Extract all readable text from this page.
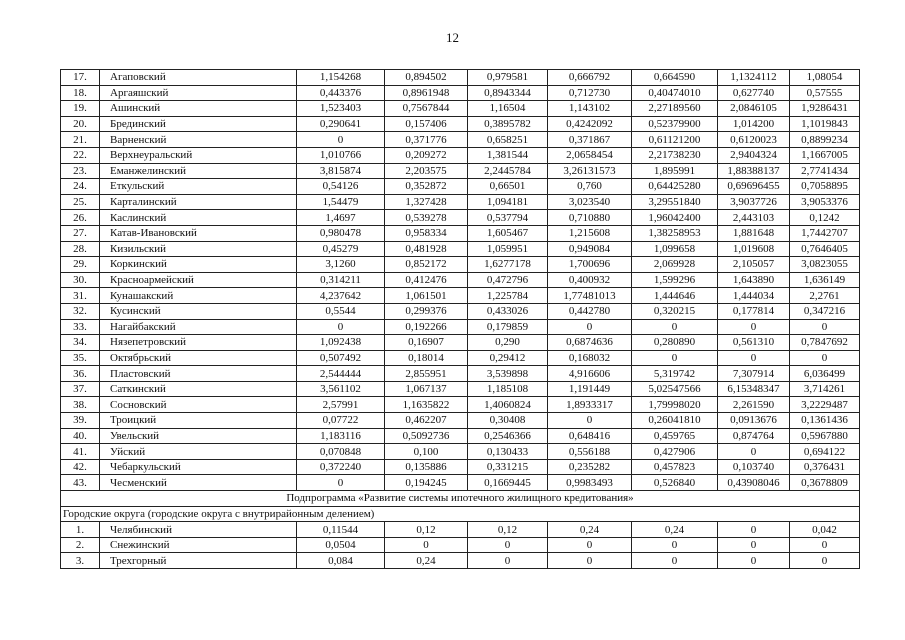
12
17.	Агаповский	1,154268	0,894502	0,979581	0,666792	0,664590	1,1324112	1,08054
18.	Аргаяшский	0,443376	0,8961948	0,8943344	0,712730	0,40474010	0,627740	0,57555
19.	Ашинский	1,523403	0,7567844	1,16504	1,143102	2,27189560	2,0846105	1,9286431
20.	Брединский	0,290641	0,157406	0,3895782	0,4242092	0,52379900	1,014200	1,1019843
21.	Варненский	0	0,371776	0,658251	0,371867	0,61121200	0,6120023	0,8899234
22.	Верхнеуральский	1,010766	0,209272	1,381544	2,0658454	2,21738230	2,9404324	1,1667005
23.	Еманжелинский	3,815874	2,203575	2,2445784	3,26131573	1,895991	1,88388137	2,7741434
24.	Еткульский	0,54126	0,352872	0,66501	0,760	0,64425280	0,69696455	0,7058895
25.	Карталинский	1,54479	1,327428	1,094181	3,023540	3,29551840	3,9037726	3,9053376
26.	Каслинский	1,4697	0,539278	0,537794	0,710880	1,96042400	2,443103	0,1242
27.	Катав-Ивановский	0,980478	0,958334	1,605467	1,215608	1,38258953	1,881648	1,7442707
28.	Кизильский	0,45279	0,481928	1,059951	0,949084	1,099658	1,019608	0,7646405
29.	Коркинский	3,1260	0,852172	1,6277178	1,700696	2,069928	2,105057	3,0823055
30.	Красноармейский	0,314211	0,412476	0,472796	0,400932	1,599296	1,643890	1,636149
31.	Кунашакский	4,237642	1,061501	1,225784	1,77481013	1,444646	1,444034	2,2761
32.	Кусинский	0,5544	0,299376	0,433026	0,442780	0,320215	0,177814	0,347216
33.	Нагайбакский	0	0,192266	0,179859	0	0	0	0
34.	Нязепетровский	1,092438	0,16907	0,290	0,6874636	0,280890	0,561310	0,7847692
35.	Октябрьский	0,507492	0,18014	0,29412	0,168032	0	0	0
36.	Пластовский	2,544444	2,855951	3,539898	4,916606	5,319742	7,307914	6,036499
37.	Саткинский	3,561102	1,067137	1,185108	1,191449	5,02547566	6,15348347	3,714261
38.	Сосновский	2,57991	1,1635822	1,4060824	1,8933317	1,79998020	2,261590	3,2229487
39.	Троицкий	0,07722	0,462207	0,30408	0	0,26041810	0,0913676	0,1361436
40.	Увельский	1,183116	0,5092736	0,2546366	0,648416	0,459765	0,874764	0,5967880
41.	Уйский	0,070848	0,100	0,130433	0,556188	0,427906	0	0,694122
42.	Чебаркульский	0,372240	0,135886	0,331215	0,235282	0,457823	0,103740	0,376431
43.	Чесменский	0	0,194245	0,1669445	0,9983493	0,526840	0,43908046	0,3678809
Подпрограмма «Развитие системы ипотечного жилищного кредитования»								
Городские округа (городские округа с внутрирайонным делением)								
1.	Челябинский	0,11544	0,12	0,12	0,24	0,24	0	0,042
2.	Снежинский	0,0504	0	0	0	0	0	0
3.	Трехгорный	0,084	0,24	0	0	0	0	0
